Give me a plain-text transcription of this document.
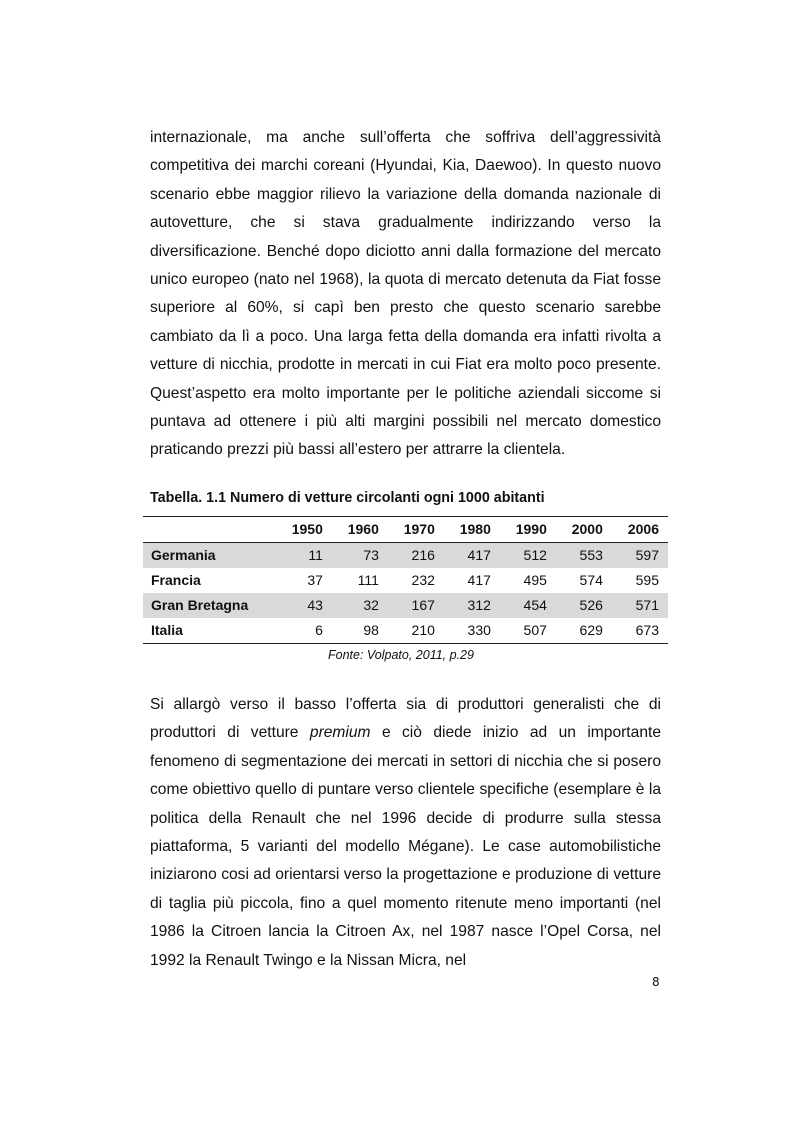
internazionale, ma anche sull’offerta che soffriva dell’aggressività competitiva dei marchi coreani (Hyundai, Kia, Daewoo). In questo nuovo scenario ebbe maggior rilievo la variazione della domanda nazionale di autovetture, che si stava gradualmente indirizzando verso la diversificazione. Benché dopo diciotto anni dalla formazione del mercato unico europeo (nato nel 1968), la quota di mercato detenuta da Fiat fosse superiore al 60%, si capì ben presto che questo scenario sarebbe cambiato da lì a poco. Una larga fetta della domanda era infatti rivolta a vetture di nicchia, prodotte in mercati in cui Fiat era molto poco presente. Quest’aspetto era molto importante per le politiche aziendali siccome si puntava ad ottenere i più alti margini possibili nel mercato domestico praticando prezzi più bassi all’estero per attrarre la clientela.

Tabella. 1.1 Numero di vetture circolanti ogni 1000 abitanti

	1950	1960	1970	1980	1990	2000	2006
Germania	11	73	216	417	512	553	597
Francia	37	111	232	417	495	574	595
Gran Bretagna	43	32	167	312	454	526	571
Italia	6	98	210	330	507	629	673

Fonte: Volpato, 2011, p.29

Si allargò verso il basso l’offerta sia di produttori generalisti che di produttori di vetture premium e ciò diede inizio ad un importante fenomeno di segmentazione dei mercati in settori di nicchia che si posero come obiettivo quello di puntare verso clientele specifiche (esemplare è la politica della Renault che nel 1996 decide di produrre sulla stessa piattaforma, 5 varianti del modello Mégane). Le case automobilistiche iniziarono cosi ad orientarsi verso la progettazione e produzione di vetture di taglia più piccola, fino a quel momento ritenute meno importanti (nel 1986 la Citroen lancia la Citroen Ax, nel 1987 nasce l’Opel Corsa, nel 1992 la Renault Twingo e la Nissan Micra, nel

8
